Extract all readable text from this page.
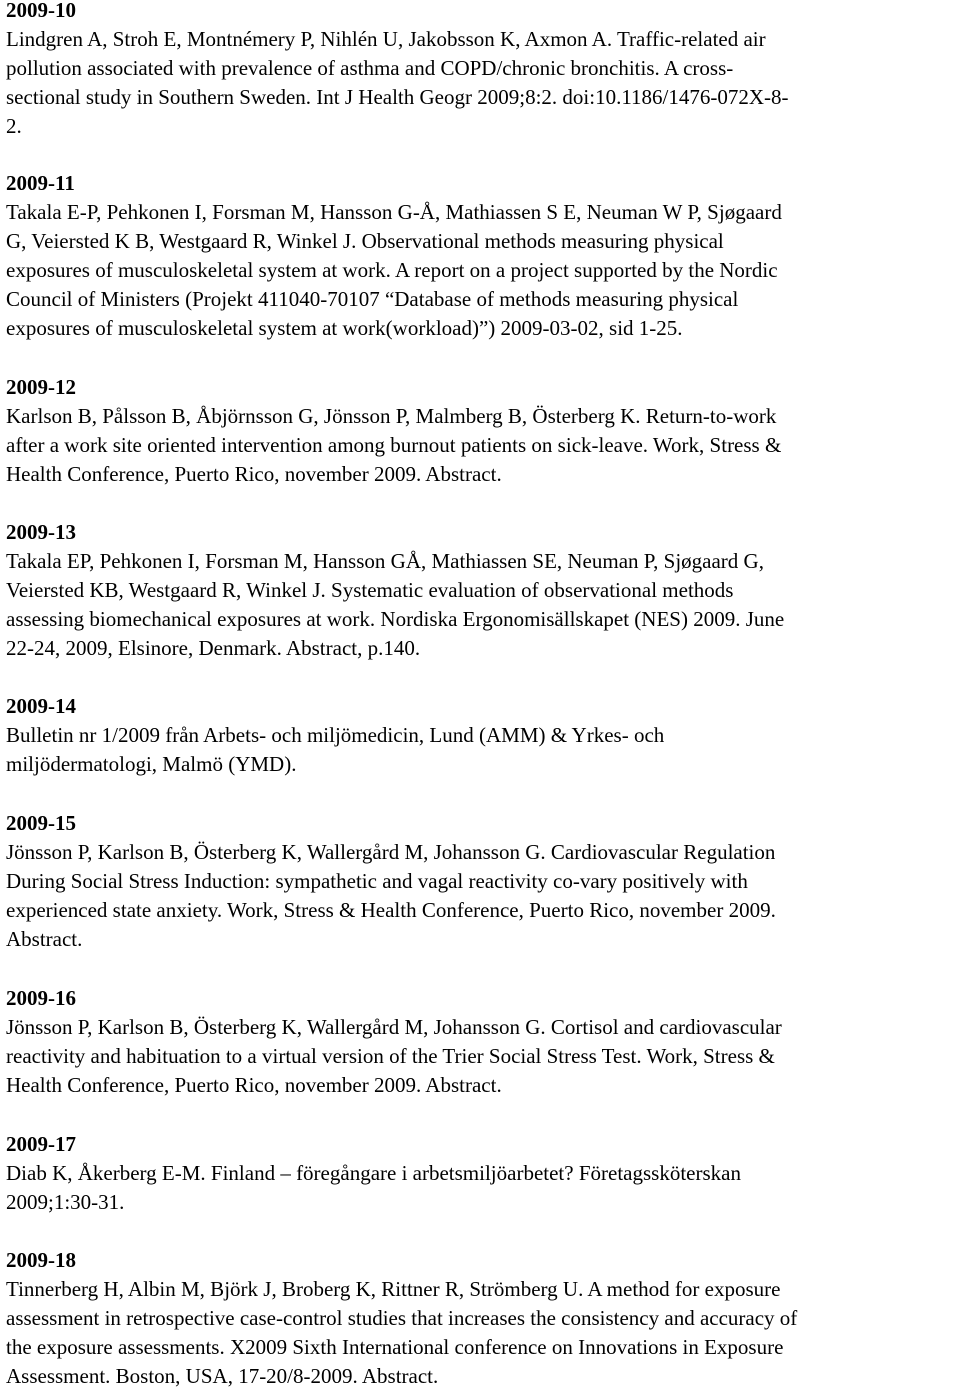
2009-10
Lindgren A, Stroh E, Montnémery P, Nihlén U, Jakobsson K, Axmon A. Traffic-related air
pollution associated with prevalence of asthma and COPD/chronic bronchitis. A cross-
sectional study in Southern Sweden. Int J Health Geogr 2009;8:2. doi:10.1186/1476-072X-8-
2.
2009-11
Takala E-P, Pehkonen I, Forsman M, Hansson G-Å, Mathiassen S E, Neuman W P, Sjøgaard
G, Veiersted K B, Westgaard R, Winkel J. Observational methods measuring physical
exposures of musculoskeletal system at work. A report on a project supported by the Nordic
Council of Ministers (Projekt 411040-70107 “Database of methods measuring physical
exposures of musculoskeletal system at work(workload)”) 2009-03-02, sid 1-25.
2009-12
Karlson B, Pålsson B, Åbjörnsson G, Jönsson P, Malmberg B, Österberg K. Return-to-work
after a work site oriented intervention among burnout patients on sick-leave. Work, Stress &
Health Conference, Puerto Rico, november 2009. Abstract.
2009-13
Takala EP, Pehkonen I, Forsman M, Hansson GÅ, Mathiassen SE, Neuman P, Sjøgaard G,
Veiersted KB, Westgaard R, Winkel J. Systematic evaluation of observational methods
assessing biomechanical exposures at work. Nordiska Ergonomisällskapet (NES) 2009. June
22-24, 2009, Elsinore, Denmark. Abstract, p.140.
2009-14
Bulletin nr 1/2009 från Arbets- och miljömedicin, Lund (AMM) & Yrkes- och
miljödermatologi, Malmö (YMD).
2009-15
Jönsson P, Karlson B, Österberg K, Wallergård M, Johansson G. Cardiovascular Regulation
During Social Stress Induction: sympathetic and vagal reactivity co-vary positively with
experienced state anxiety. Work, Stress & Health Conference, Puerto Rico, november 2009.
Abstract.
2009-16
Jönsson P, Karlson B, Österberg K, Wallergård M, Johansson G. Cortisol and cardiovascular
reactivity and habituation to a virtual version of the Trier Social Stress Test. Work, Stress &
Health Conference, Puerto Rico, november 2009. Abstract.
2009-17
Diab K, Åkerberg E-M. Finland – föregångare i arbetsmiljöarbetet? Företagssköterskan
2009;1:30-31.
2009-18
Tinnerberg H, Albin M, Björk J, Broberg K, Rittner R, Strömberg U. A method for exposure
assessment in retrospective case-control studies that increases the consistency and accuracy of
the exposure assessments. X2009 Sixth International conference on Innovations in Exposure
Assessment. Boston, USA, 17-20/8-2009. Abstract.
